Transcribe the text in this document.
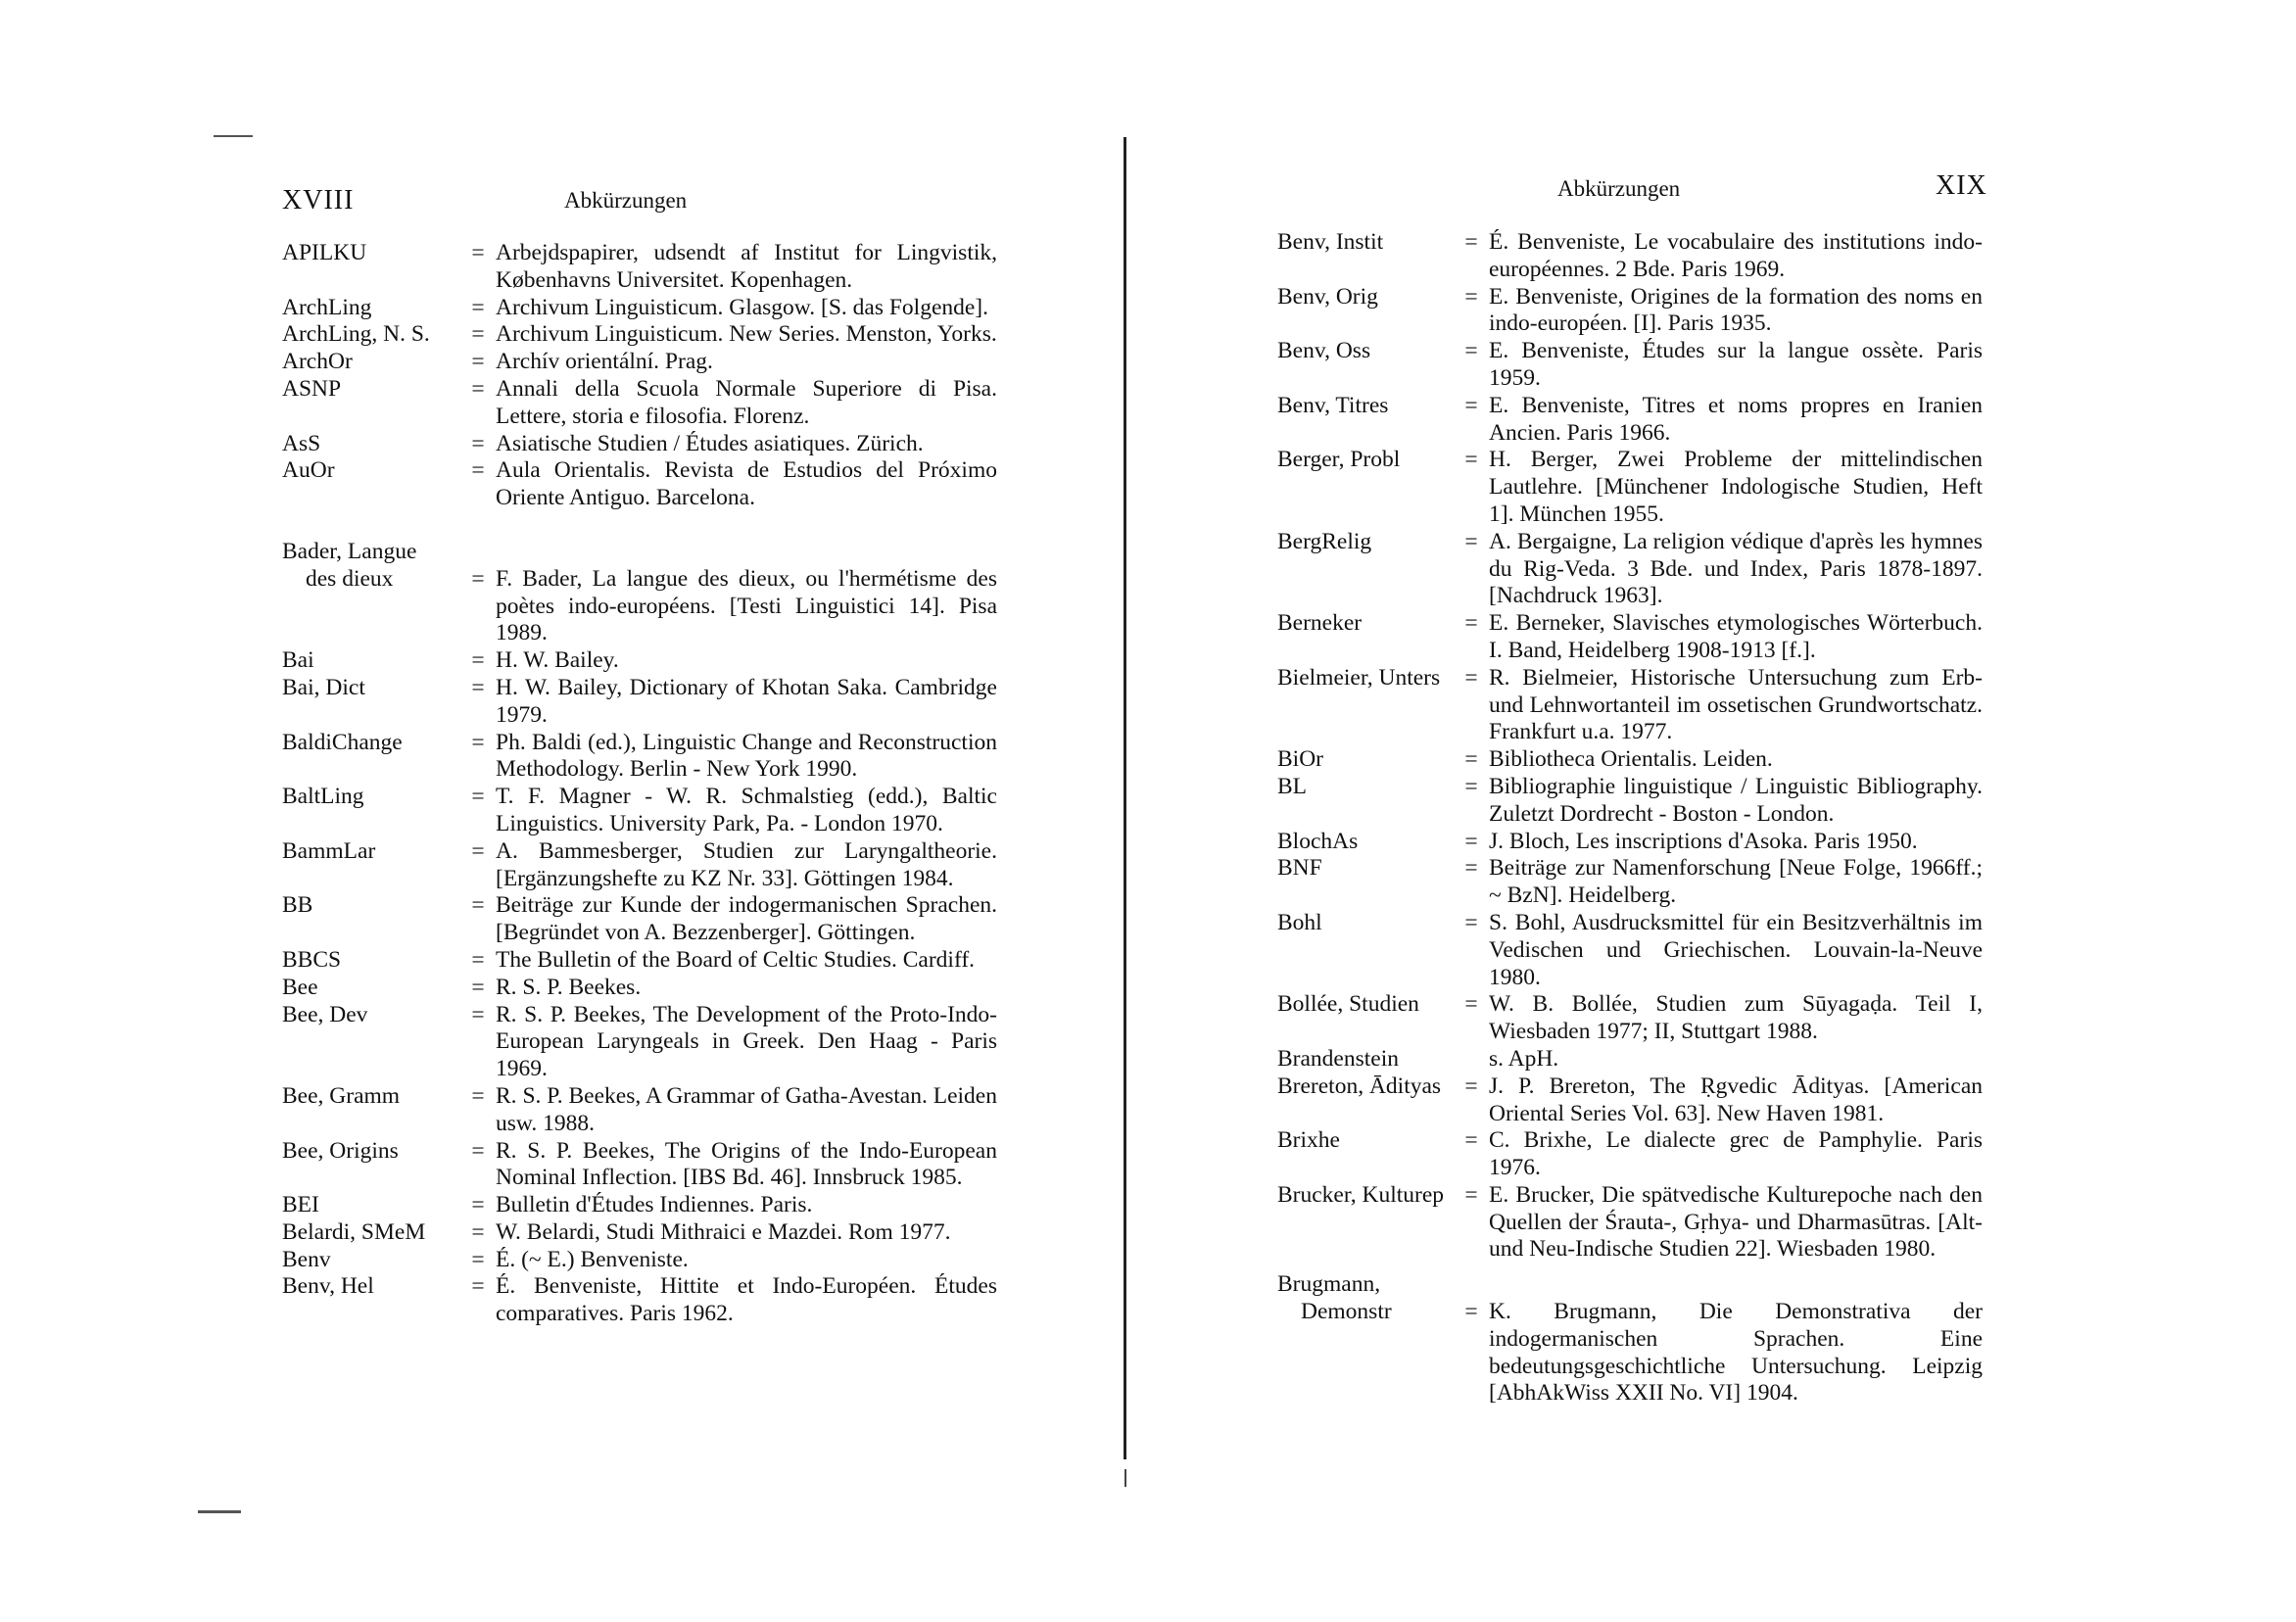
XVIII	Abkürzungen
APILKU	= Arbejdspapirer, udsendt af Institut for Lingvistik, Københavns Universitet. Kopenhagen.
ArchLing	= Archivum Linguisticum. Glasgow. [S. das Folgende].
ArchLing, N. S.	= Archivum Linguisticum. New Series. Menston, Yorks.
ArchOr	= Archív orientální. Prag.
ASNP	= Annali della Scuola Normale Superiore di Pisa. Lettere, storia e filosofia. Florenz.
AsS	= Asiatische Studien / Études asiatiques. Zürich.
AuOr	= Aula Orientalis. Revista de Estudios del Próximo Oriente Antiguo. Barcelona.
Bader, Langue
des dieux	= F. Bader, La langue des dieux, ou l'hermétisme des poètes indo-européens. [Testi Linguistici 14]. Pisa 1989.
Bai	= H. W. Bailey.
Bai, Dict	= H. W. Bailey, Dictionary of Khotan Saka. Cambridge 1979.
BaldiChange	= Ph. Baldi (ed.), Linguistic Change and Reconstruction Methodology. Berlin - New York 1990.
BaltLing	= T. F. Magner - W. R. Schmalstieg (edd.), Baltic Linguistics. University Park, Pa. - London 1970.
BammLar	= A. Bammesberger, Studien zur Laryngaltheorie. [Ergänzungshefte zu KZ Nr. 33]. Göttingen 1984.
BB	= Beiträge zur Kunde der indogermanischen Sprachen. [Begründet von A. Bezzenberger]. Göttingen.
BBCS	= The Bulletin of the Board of Celtic Studies. Cardiff.
Bee	= R. S. P. Beekes.
Bee, Dev	= R. S. P. Beekes, The Development of the Proto-Indo-European Laryngeals in Greek. Den Haag - Paris 1969.
Bee, Gramm	= R. S. P. Beekes, A Grammar of Gatha-Avestan. Leiden usw. 1988.
Bee, Origins	= R. S. P. Beekes, The Origins of the Indo-European Nominal Inflection. [IBS Bd. 46]. Innsbruck 1985.
BEI	= Bulletin d'Études Indiennes. Paris.
Belardi, SMeM	= W. Belardi, Studi Mithraici e Mazdei. Rom 1977.
Benv	= É. (~ E.) Benveniste.
Benv, Hel	= É. Benveniste, Hittite et Indo-Européen. Études comparatives. Paris 1962.
Abkürzungen	XIX
Benv, Instit	= É. Benveniste, Le vocabulaire des institutions indo-européennes. 2 Bde. Paris 1969.
Benv, Orig	= E. Benveniste, Origines de la formation des noms en indo-européen. [I]. Paris 1935.
Benv, Oss	= E. Benveniste, Études sur la langue ossète. Paris 1959.
Benv, Titres	= E. Benveniste, Titres et noms propres en Iranien Ancien. Paris 1966.
Berger, Probl	= H. Berger, Zwei Probleme der mittelindischen Lautlehre. [Münchener Indologische Studien, Heft 1]. München 1955.
BergRelig	= A. Bergaigne, La religion védique d'après les hymnes du Rig-Veda. 3 Bde. und Index, Paris 1878-1897. [Nachdruck 1963].
Berneker	= E. Berneker, Slavisches etymologisches Wörterbuch. I. Band, Heidelberg 1908-1913 [f.].
Bielmeier, Unters	= R. Bielmeier, Historische Untersuchung zum Erb- und Lehnwortanteil im ossetischen Grundwortschatz. Frankfurt u.a. 1977.
BiOr	= Bibliotheca Orientalis. Leiden.
BL	= Bibliographie linguistique / Linguistic Bibliography. Zuletzt Dordrecht - Boston - London.
BlochAs	= J. Bloch, Les inscriptions d'Asoka. Paris 1950.
BNF	= Beiträge zur Namenforschung [Neue Folge, 1966ff.; ~ BzN]. Heidelberg.
Bohl	= S. Bohl, Ausdrucksmittel für ein Besitzverhältnis im Vedischen und Griechischen. Louvain-la-Neuve 1980.
Bollée, Studien	= W. B. Bollée, Studien zum Sūyagaḍa. Teil I, Wiesbaden 1977; II, Stuttgart 1988.
Brandenstein	s. ApH.
Brereton, Ādityas	= J. P. Brereton, The Ṛgvedic Ādityas. [American Oriental Series Vol. 63]. New Haven 1981.
Brixhe	= C. Brixhe, Le dialecte grec de Pamphylie. Paris 1976.
Brucker, Kulturep = E. Brucker, Die spätvedische Kulturepoche nach den Quellen der Śrauta-, Gṛhya- und Dharmasūtras. [Alt- und Neu-Indische Studien 22]. Wiesbaden 1980.
Brugmann,
Demonstr	= K. Brugmann, Die Demonstrativa der indogermanischen Sprachen. Eine bedeutungsgeschichtliche Untersuchung. Leipzig [AbhAkWiss XXII No. VI] 1904.
